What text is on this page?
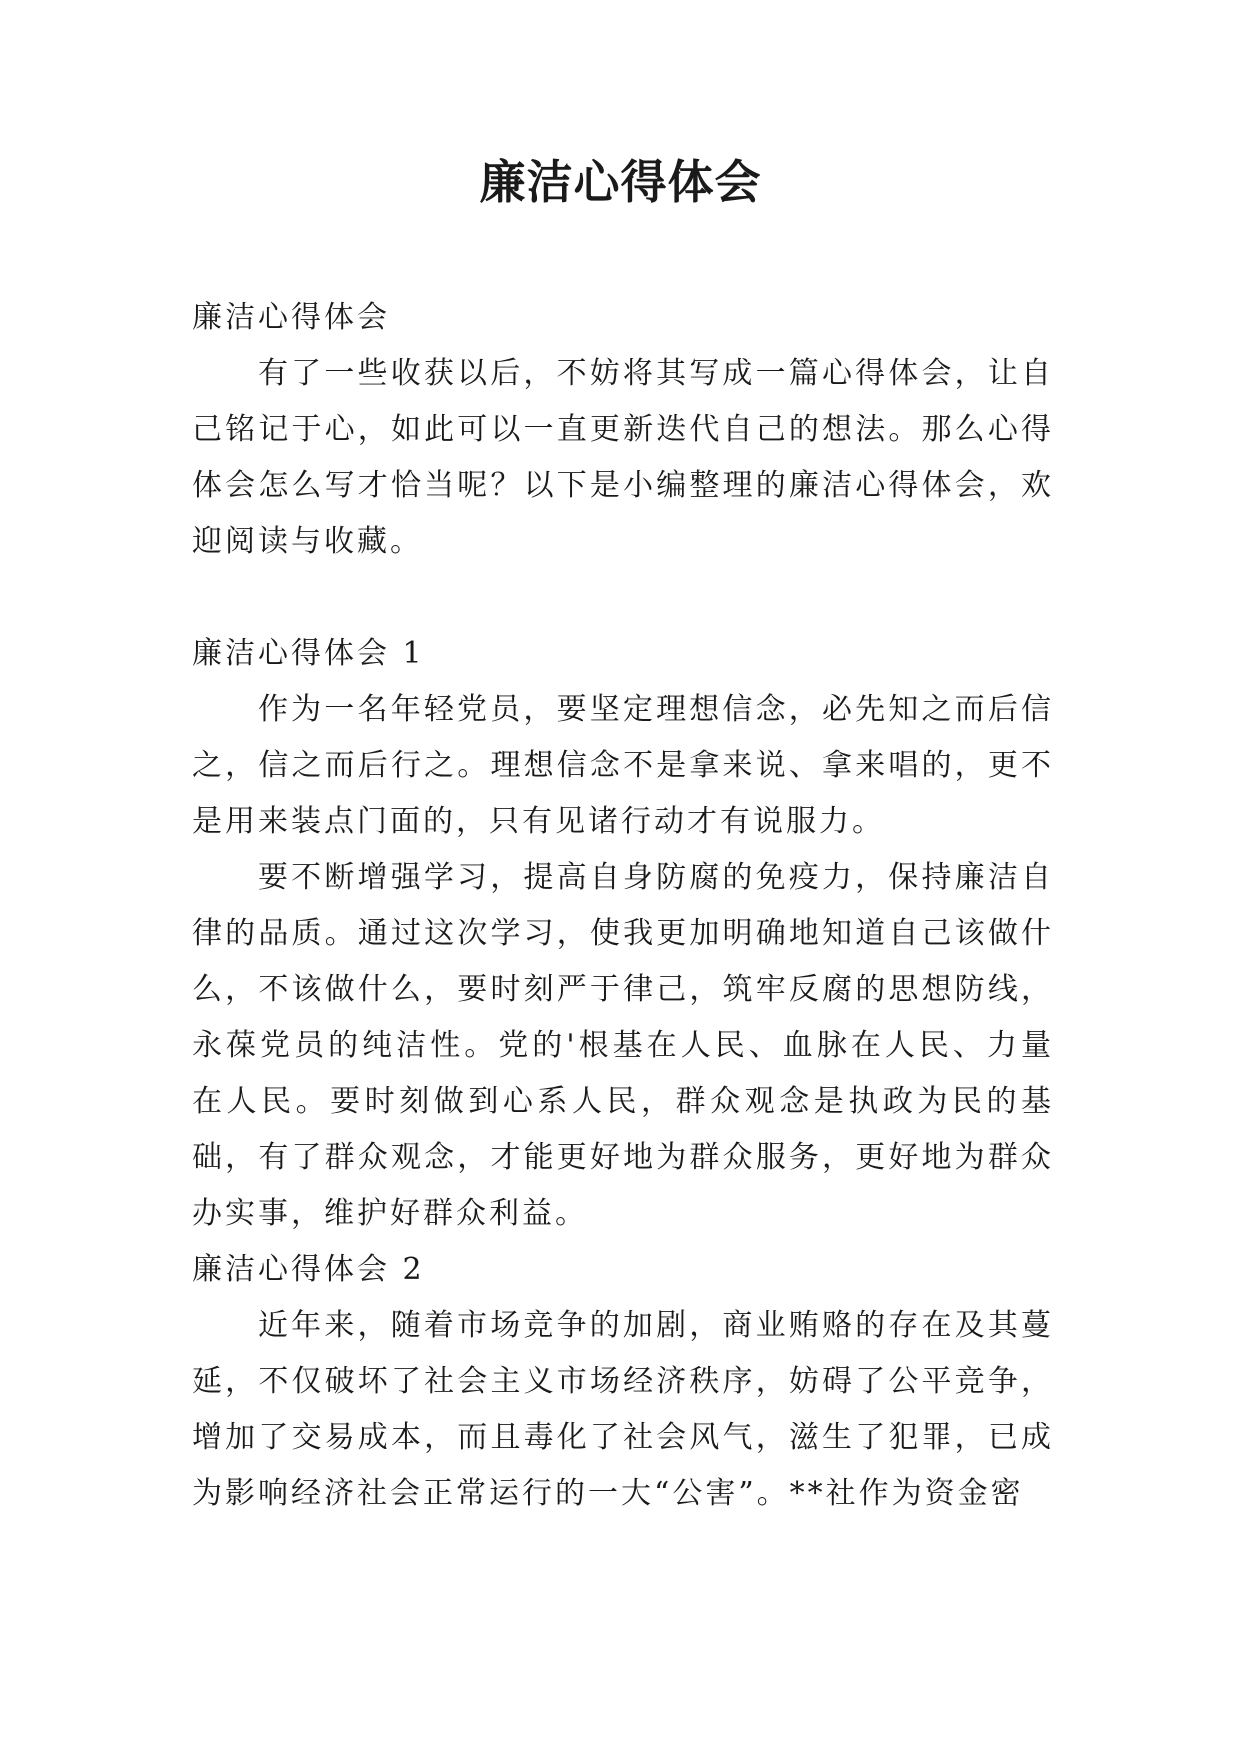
廉洁心得体会

廉洁心得体会

有了一些收获以后，不妨将其写成一篇心得体会，让自己铭记于心，如此可以一直更新迭代自己的想法。那么心得体会怎么写才恰当呢？以下是小编整理的廉洁心得体会，欢迎阅读与收藏。

廉洁心得体会 1

作为一名年轻党员，要坚定理想信念，必先知之而后信之，信之而后行之。理想信念不是拿来说、拿来唱的，更不是用来装点门面的，只有见诸行动才有说服力。

要不断增强学习，提高自身防腐的免疫力，保持廉洁自律的品质。通过这次学习，使我更加明确地知道自己该做什么，不该做什么，要时刻严于律己，筑牢反腐的思想防线，永葆党员的纯洁性。党的'根基在人民、血脉在人民、力量在人民。要时刻做到心系人民，群众观念是执政为民的基础，有了群众观念，才能更好地为群众服务，更好地为群众办实事，维护好群众利益。

廉洁心得体会 2

近年来，随着市场竞争的加剧，商业贿赂的存在及其蔓延，不仅破坏了社会主义市场经济秩序，妨碍了公平竞争，增加了交易成本，而且毒化了社会风气，滋生了犯罪，已成为影响经济社会正常运行的一大“公害”。**社作为资金密
